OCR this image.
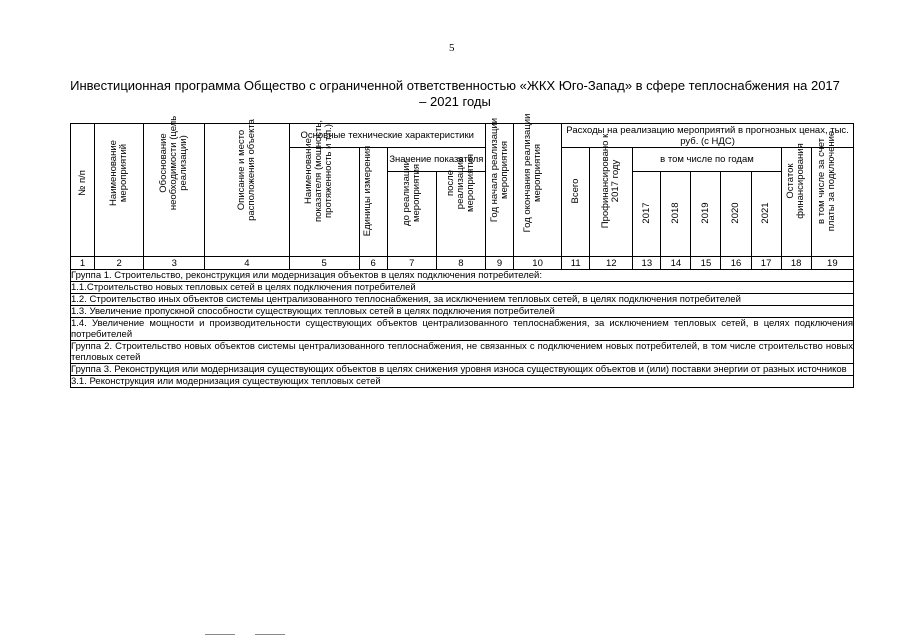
5
Инвестиционная программа Общество с ограниченной ответственностью «ЖКХ Юго-Запад» в сфере теплоснабжения на 2017 – 2021 годы
№ п/п	Наименование мероприятий	Обоснование необходимости (цель реализации)	Описание и место расположения объекта	Основные технические характеристики				Год начала реализации мероприятия	Год окончания реализации мероприятия	Расходы на реализацию мероприятий в прогнозных ценах, тыс. руб. (с НДС)								

				Наименование показателя (мощность, протяженность и т.п.)	Единицы измерения	Значение показателя				Всего	Профинансировано к 2017 году	в том числе по годам					Остаток финансирования	в том числе за счет платы за подключение

						до реализации мероприятия	после реализации мероприятия					2017	2018	2019	2020	2021		

1	2	3	4	5	6	7	8	9	10	11	12	13	14	15	16	17	18	19
Группа 1. Строительство, реконструкция или модернизация объектов в целях подключения потребителей:																		
1.1.Строительство новых тепловых сетей в целях подключения потребителей																		
1.2. Строительство иных объектов системы централизованного теплоснабжения, за исключением тепловых сетей, в целях подключения потребителей																		
1.3. Увеличение пропускной способности существующих тепловых сетей в целях подключения потребителей																		
1.4. Увеличение мощности и производительности существующих объектов централизованного теплоснабжения, за исключением тепловых сетей, в целях подключения потребителей																		
Группа 2. Строительство новых объектов системы централизованного теплоснабжения, не связанных с подключением новых потребителей, в том числе строительство новых тепловых сетей																		
Группа 3. Реконструкция или модернизация существующих объектов в целях снижения уровня износа существующих объектов и (или) поставки энергии от разных источников																		
3.1. Реконструкция или модернизация существующих тепловых сетей																		
